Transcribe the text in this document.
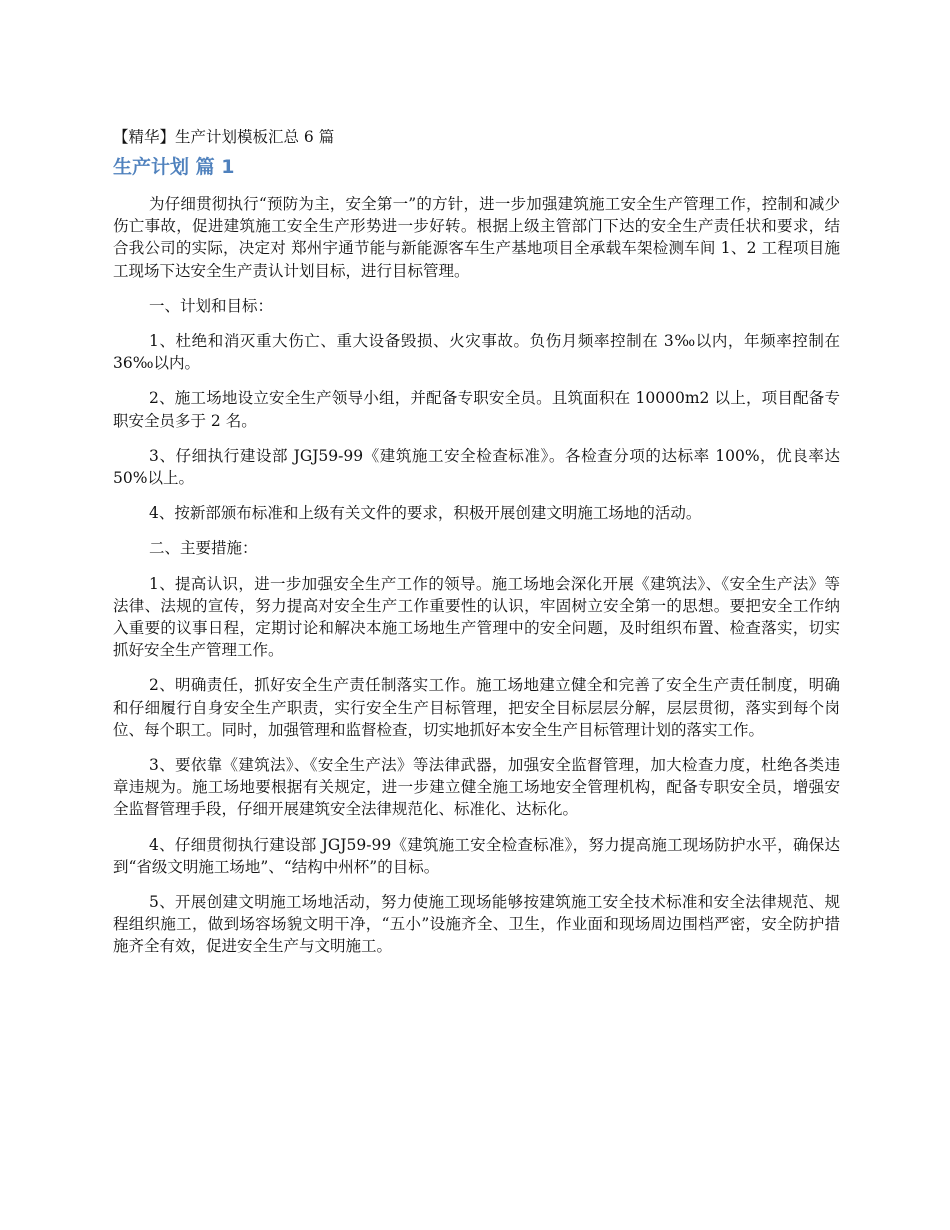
【精华】生产计划模板汇总 6 篇
生产计划 篇 1

为仔细贯彻执行“预防为主，安全第一”的方针，进一步加强建筑施工安全生产管理工作，控制和减少伤亡事故，促进建筑施工安全生产形势进一步好转。根据上级主管部门下达的安全生产责任状和要求，结合我公司的实际，决定对 郑州宇通节能与新能源客车生产基地项目全承载车架检测车间 1、2 工程项目施工现场下达安全生产责认计划目标，进行目标管理。

一、计划和目标：

1、杜绝和消灭重大伤亡、重大设备毁损、火灾事故。负伤月频率控制在 3‰以内，年频率控制在 36‰以内。

2、施工场地设立安全生产领导小组，并配备专职安全员。且筑面积在 10000m2 以上，项目配备专职安全员多于 2 名。

3、仔细执行建设部 JGJ59-99《建筑施工安全检查标准》。各检查分项的达标率 100%，优良率达 50%以上。

4、按新部颁布标准和上级有关文件的要求，积极开展创建文明施工场地的活动。

二、主要措施：

1、提高认识，进一步加强安全生产工作的领导。施工场地会深化开展《建筑法》、《安全生产法》等法律、法规的宣传，努力提高对安全生产工作重要性的认识，牢固树立安全第一的思想。要把安全工作纳入重要的议事日程，定期讨论和解决本施工场地生产管理中的安全问题，及时组织布置、检查落实，切实抓好安全生产管理工作。

2、明确责任，抓好安全生产责任制落实工作。施工场地建立健全和完善了安全生产责任制度，明确和仔细履行自身安全生产职责，实行安全生产目标管理，把安全目标层层分解，层层贯彻，落实到每个岗位、每个职工。同时，加强管理和监督检查，切实地抓好本安全生产目标管理计划的落实工作。

3、要依靠《建筑法》、《安全生产法》等法律武器，加强安全监督管理，加大检查力度，杜绝各类违章违规为。施工场地要根据有关规定，进一步建立健全施工场地安全管理机构，配备专职安全员，增强安全监督管理手段，仔细开展建筑安全法律规范化、标准化、达标化。

4、仔细贯彻执行建设部 JGJ59-99《建筑施工安全检查标准》，努力提高施工现场防护水平，确保达到“省级文明施工场地”、“结构中州杯”的目标。

5、开展创建文明施工场地活动，努力使施工现场能够按建筑施工安全技术标准和安全法律规范、规程组织施工，做到场容场貌文明干净，“五小”设施齐全、卫生，作业面和现场周边围档严密，安全防护措施齐全有效，促进安全生产与文明施工。
